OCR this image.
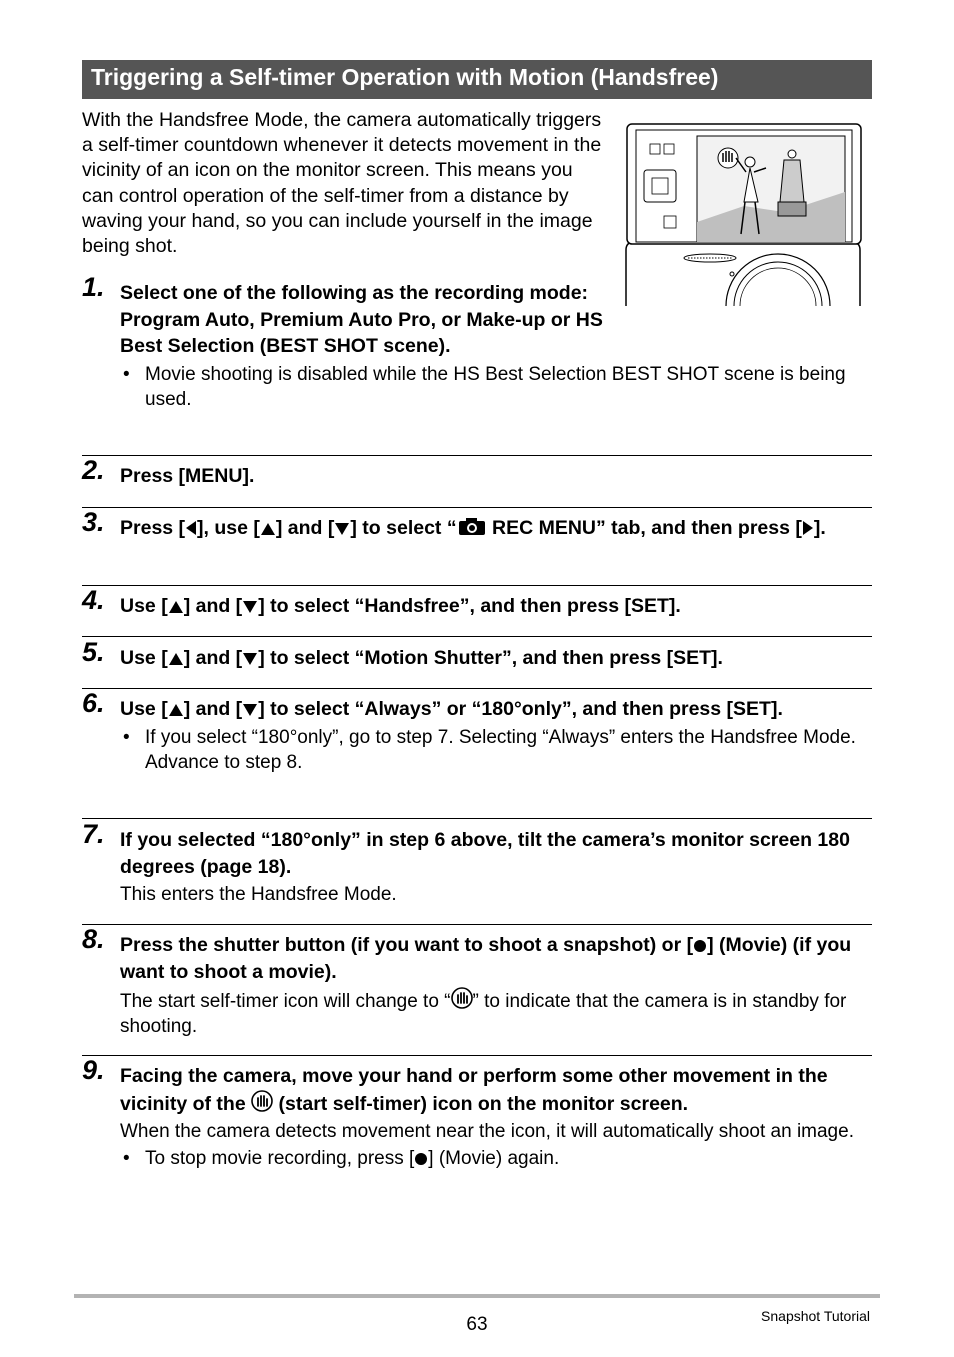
Triggering a Self-timer Operation with Motion (Handsfree)
With the Handsfree Mode, the camera automatically triggers a self-timer countdown whenever it detects movement in the vicinity of an icon on the monitor screen. This means you can control operation of the self-timer from a distance by waving your hand, so you can include yourself in the image being shot.
1. Select one of the following as the recording mode: Program Auto, Premium Auto Pro, or Make-up or HS Best Selection (BEST SHOT scene).
• Movie shooting is disabled while the HS Best Selection BEST SHOT scene is being used.
2. Press [MENU].
3. Press [ ], use [ ] and [ ] to select “ REC MENU” tab, and then press [ ].
4. Use [ ] and [ ] to select “Handsfree”, and then press [SET].
5. Use [ ] and [ ] to select “Motion Shutter”, and then press [SET].
6. Use [ ] and [ ] to select “Always” or “180°only”, and then press [SET].
• If you select “180°only”, go to step 7. Selecting “Always” enters the Handsfree Mode. Advance to step 8.
7. If you selected “180°only” in step 6 above, tilt the camera’s monitor screen 180 degrees (page 18).
This enters the Handsfree Mode.
8. Press the shutter button (if you want to shoot a snapshot) or [ ] (Movie) (if you want to shoot a movie).
The start self-timer icon will change to “ ” to indicate that the camera is in standby for shooting.
9. Facing the camera, move your hand or perform some other movement in the vicinity of the  (start self-timer) icon on the monitor screen.
When the camera detects movement near the icon, it will automatically shoot an image.
• To stop movie recording, press [ ] (Movie) again.
63	Snapshot Tutorial
